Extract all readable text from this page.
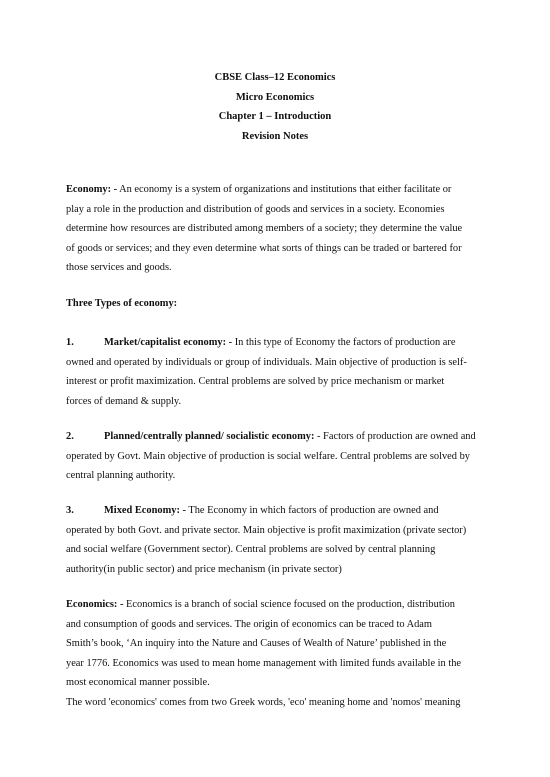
CBSE Class–12 Economics
Micro Economics
Chapter 1 – Introduction
Revision Notes
Economy: - An economy is a system of organizations and institutions that either facilitate or
play a role in the production and distribution of goods and services in a society. Economies
determine how resources are distributed among members of a society; they determine the value
of goods or services; and they even determine what sorts of things can be traded or bartered for
those services and goods.
Three Types of economy:
1.	Market/capitalist economy: - In this type of Economy the factors of production are
owned and operated by individuals or group of individuals. Main objective of production is self-
interest or profit maximization. Central problems are solved by price mechanism or market
forces of demand & supply.
2.	Planned/centrally planned/ socialistic economy: - Factors of production are owned and
operated by Govt. Main objective of production is social welfare. Central problems are solved by
central planning authority.
3.	Mixed Economy: - The Economy in which factors of production are owned and
operated by both Govt. and private sector. Main objective is profit maximization (private sector)
and social welfare (Government sector). Central problems are solved by central planning
authority(in public sector) and price mechanism (in private sector)
Economics: - Economics is a branch of social science focused on the production, distribution
and consumption of goods and services. The origin of economics can be traced to Adam
Smith’s book, ‘An inquiry into the Nature and Causes of Wealth of Nature’ published in the
year 1776. Economics was used to mean home management with limited funds available in the
most economical manner possible.
The word 'economics' comes from two Greek words, 'eco' meaning home and 'nomos' meaning
